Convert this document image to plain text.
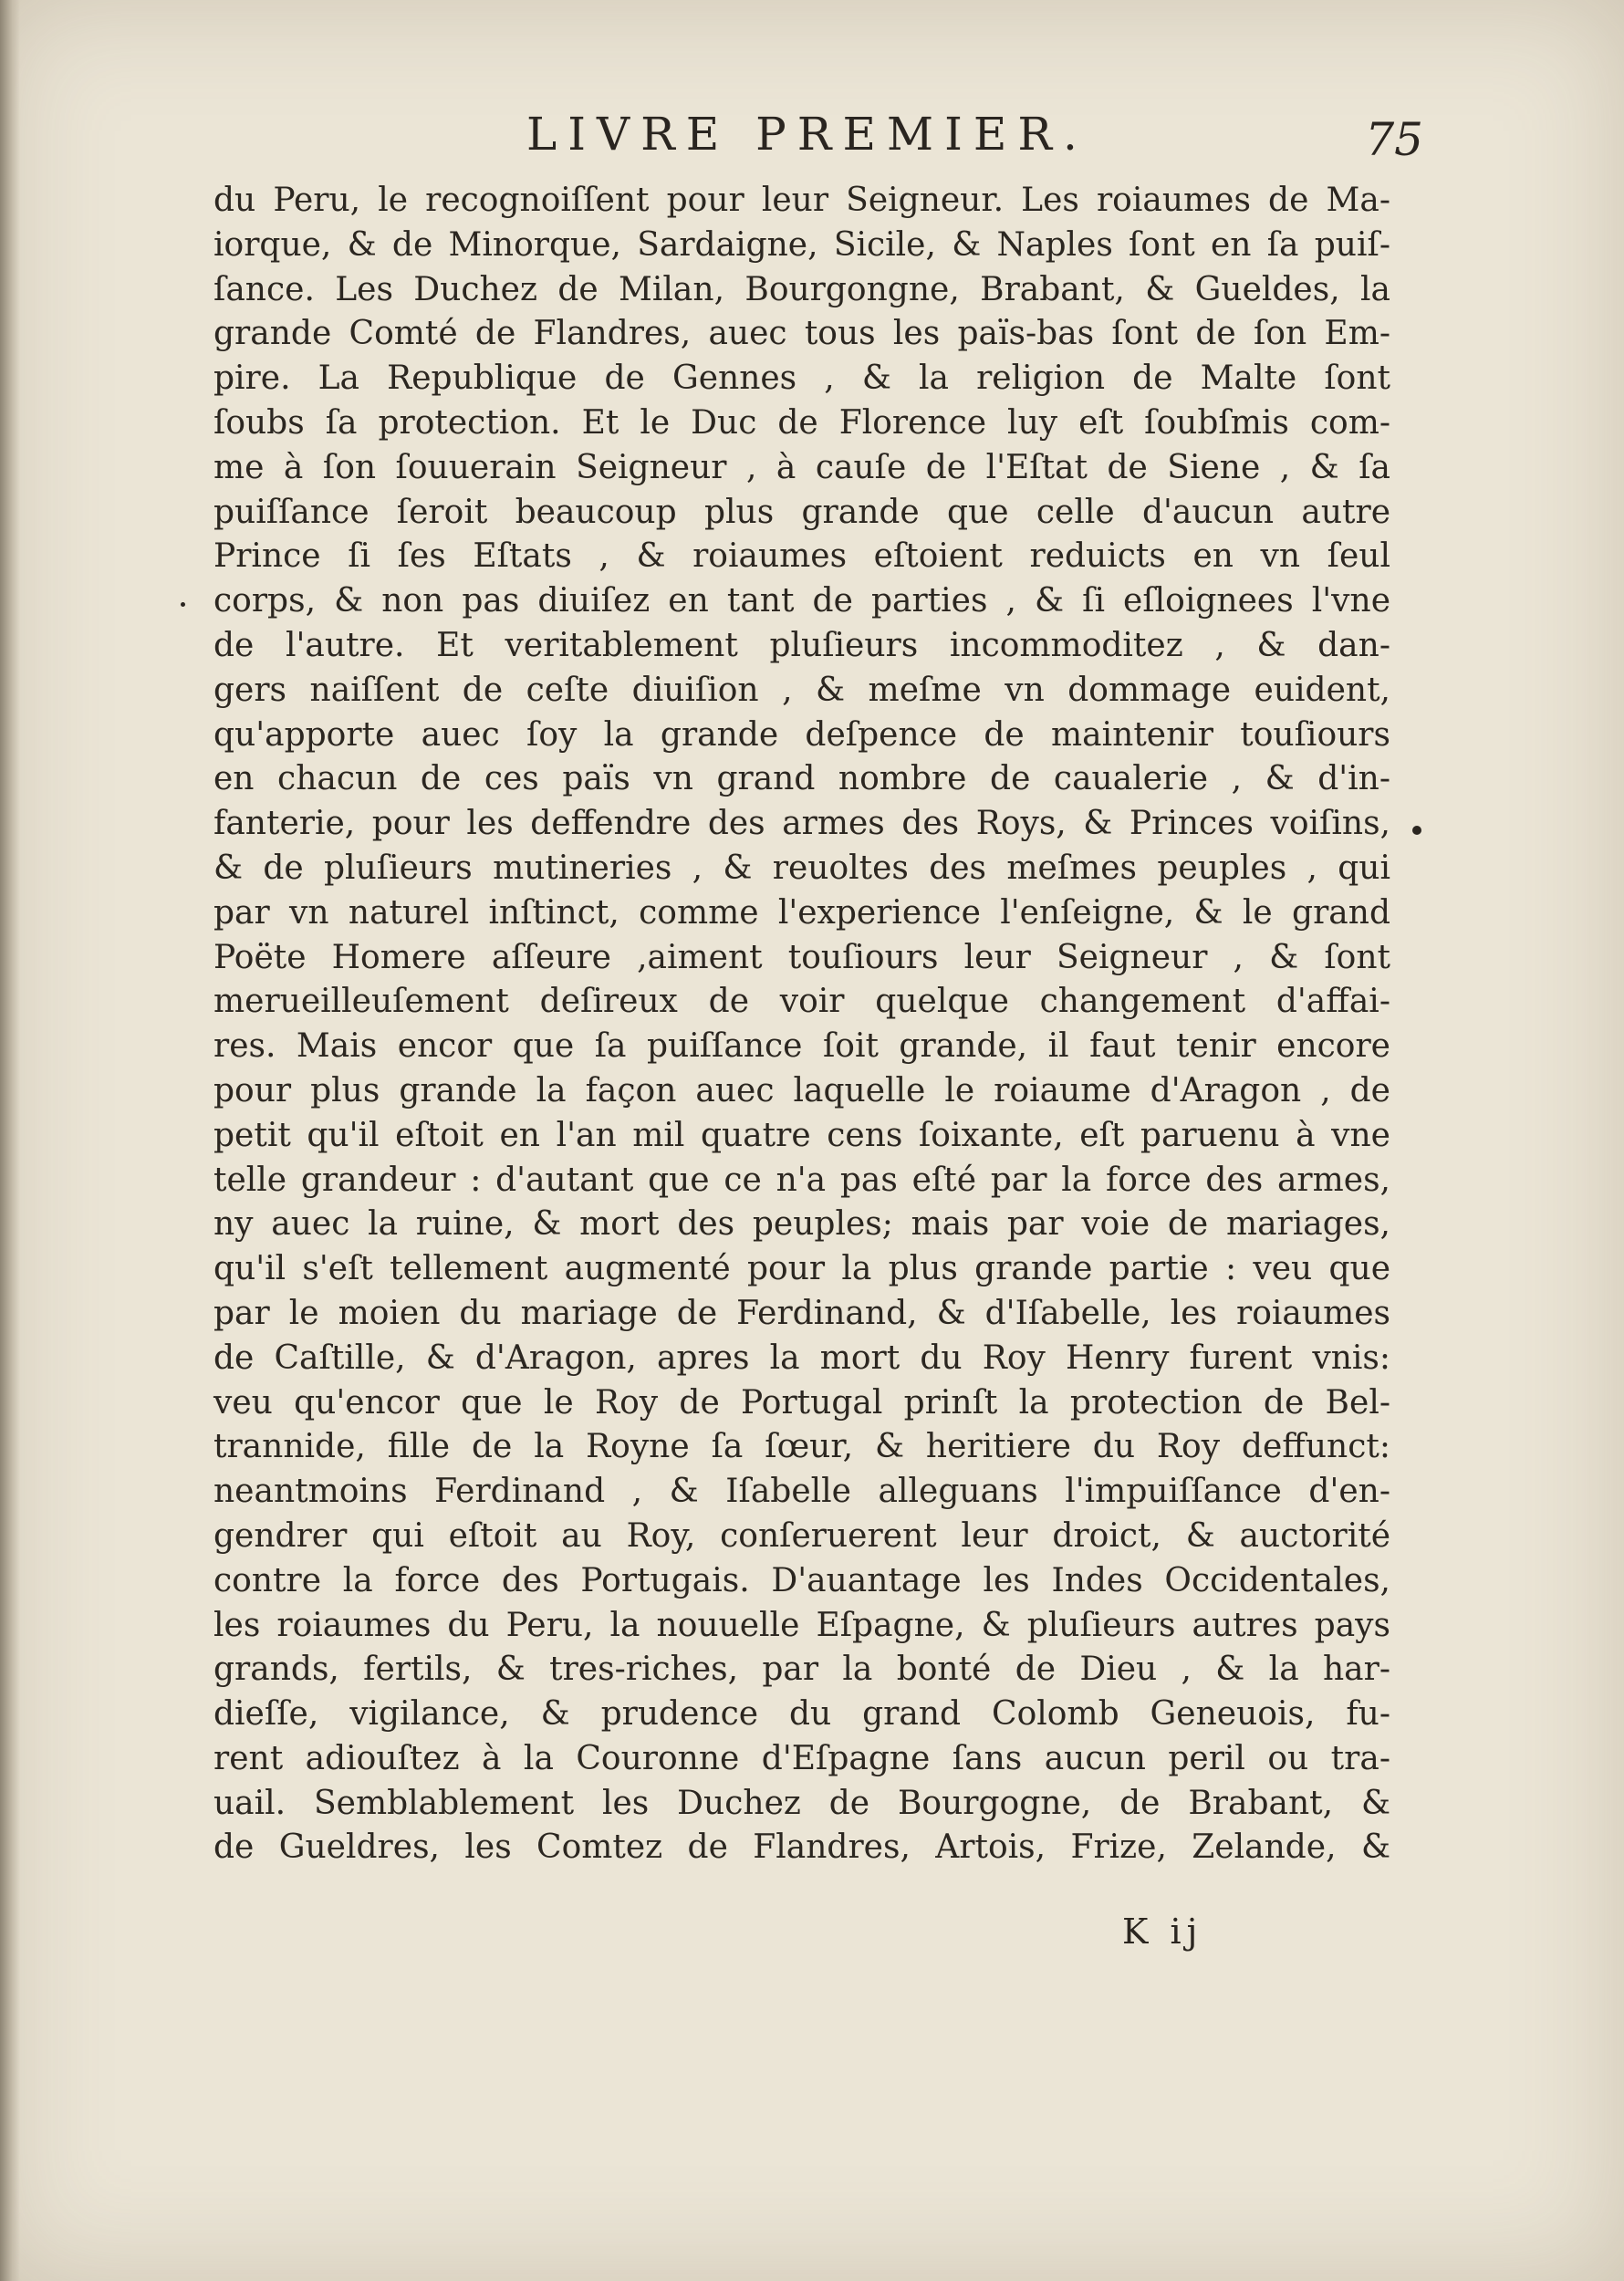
LIVRE PREMIER.	75
du Peru, le recognoiſſent pour leur Seigneur. Les roiaumes de Ma-
iorque, & de Minorque, Sardaigne, Sicile, & Naples ſont en ſa puiſ-
ſance. Les Duchez de Milan, Bourgongne, Brabant, & Gueldes, la
grande Comté de Flandres, auec tous les païs-bas ſont de ſon Em-
pire. La Republique de Gennes , & la religion de Malte ſont
ſoubs ſa protection. Et le Duc de Florence luy eſt ſoubſmis com-
me à ſon ſouuerain Seigneur , à cauſe de l'Eſtat de Siene , & ſa
puiſſance ſeroit beaucoup plus grande que celle d'aucun autre
Prince ſi ſes Eſtats , & roiaumes eſtoient reduicts en vn ſeul
corps, & non pas diuiſez en tant de parties , & ſi eſloignees l'vne
de l'autre. Et veritablement pluſieurs incommoditez , & dan-
gers naiſſent de ceſte diuiſion , & meſme vn dommage euident,
qu'apporte auec ſoy la grande deſpence de maintenir touſiours
en chacun de ces païs vn grand nombre de caualerie , & d'in-
fanterie, pour les deffendre des armes des Roys, & Princes voiſins,
& de pluſieurs mutineries , & reuoltes des meſmes peuples , qui
par vn naturel inſtinct, comme l'experience l'enſeigne, & le grand
Poëte Homere aſſeure ,aiment touſiours leur Seigneur , & ſont
merueilleuſement deſireux de voir quelque changement d'affai-
res. Mais encor que ſa puiſſance ſoit grande, il faut tenir encore
pour plus grande la façon auec laquelle le roiaume d'Aragon , de
petit qu'il eſtoit en l'an mil quatre cens ſoixante, eſt paruenu à vne
telle grandeur : d'autant que ce n'a pas eſté par la force des armes,
ny auec la ruine, & mort des peuples; mais par voie de mariages,
qu'il s'eſt tellement augmenté pour la plus grande partie : veu que
par le moien du mariage de Ferdinand, & d'Iſabelle, les roiaumes
de Caſtille, & d'Aragon, apres la mort du Roy Henry furent vnis:
veu qu'encor que le Roy de Portugal prinſt la protection de Bel-
trannide, fille de la Royne ſa ſœur, & heritiere du Roy deffunct:
neantmoins Ferdinand , & Iſabelle alleguans l'impuiſſance d'en-
gendrer qui eſtoit au Roy, conſeruerent leur droict, & auctorité
contre la force des Portugais. D'auantage les Indes Occidentales,
les roiaumes du Peru, la nouuelle Eſpagne, & pluſieurs autres pays
grands, fertils, & tres-riches, par la bonté de Dieu , & la har-
dieſſe, vigilance, & prudence du grand Colomb Geneuois, fu-
rent adiouſtez à la Couronne d'Eſpagne ſans aucun peril ou tra-
uail. Semblablement les Duchez de Bourgogne, de Brabant, &
de Gueldres, les Comtez de Flandres, Artois, Frize, Zelande, &
K ij
